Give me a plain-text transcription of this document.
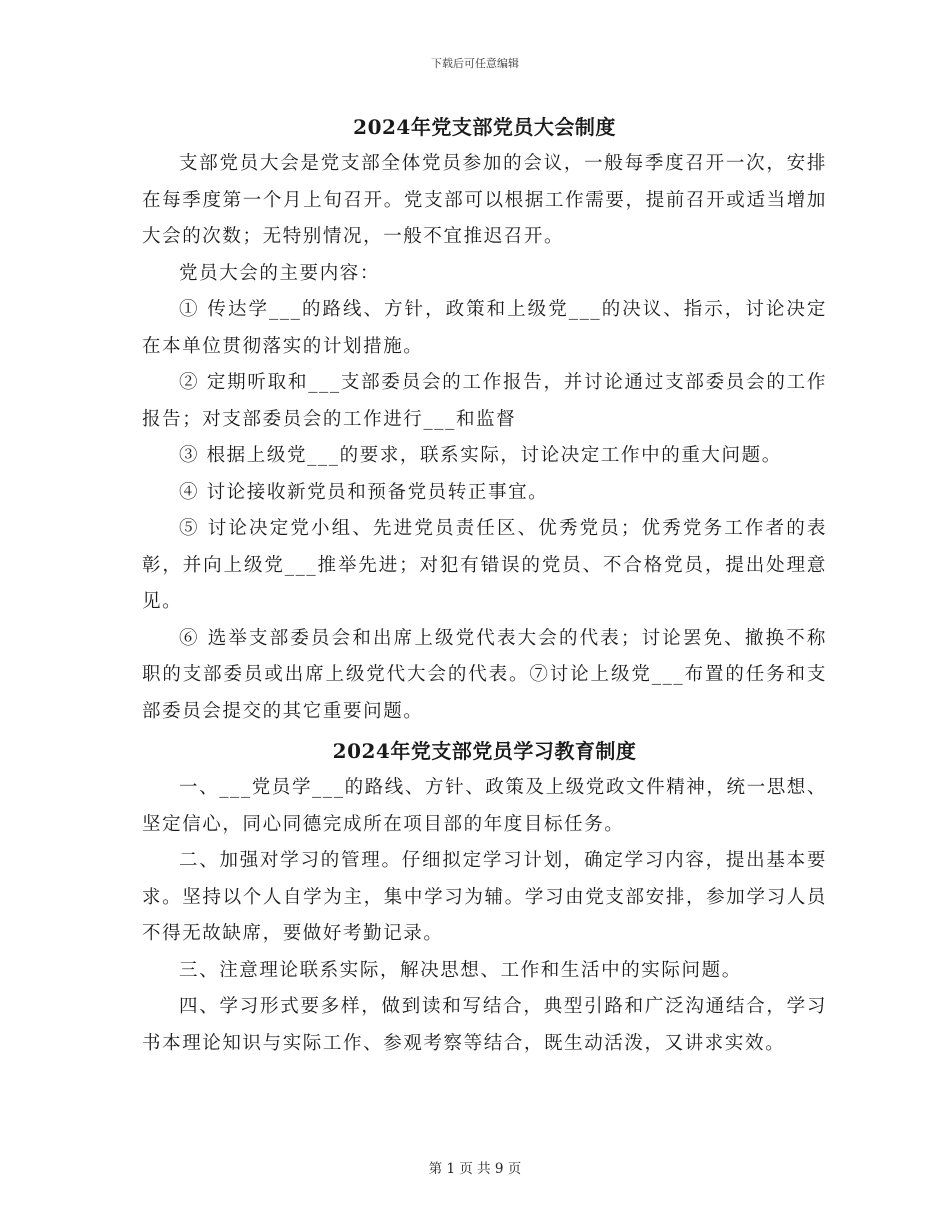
下载后可任意编辑
2024年党支部党员大会制度

支部党员大会是党支部全体党员参加的会议，一般每季度召开一次，安排在每季度第一个月上旬召开。党支部可以根据工作需要，提前召开或适当增加大会的次数；无特别情况，一般不宜推迟召开。

党员大会的主要内容：

① 传达学___的路线、方针，政策和上级党___的决议、指示，讨论决定在本单位贯彻落实的计划措施。

② 定期听取和___支部委员会的工作报告，并讨论通过支部委员会的工作报告；对支部委员会的工作进行___和监督

③ 根据上级党___的要求，联系实际，讨论决定工作中的重大问题。

④ 讨论接收新党员和预备党员转正事宜。

⑤ 讨论决定党小组、先进党员责任区、优秀党员；优秀党务工作者的表彰，并向上级党___推举先进；对犯有错误的党员、不合格党员，提出处理意见。

⑥ 选举支部委员会和出席上级党代表大会的代表；讨论罢免、撤换不称职的支部委员或出席上级党代大会的代表。⑦讨论上级党___布置的任务和支部委员会提交的其它重要问题。

2024年党支部党员学习教育制度

一、___党员学___的路线、方针、政策及上级党政文件精神，统一思想、坚定信心，同心同德完成所在项目部的年度目标任务。

二、加强对学习的管理。仔细拟定学习计划，确定学习内容，提出基本要求。坚持以个人自学为主，集中学习为辅。学习由党支部安排，参加学习人员不得无故缺席，要做好考勤记录。

三、注意理论联系实际，解决思想、工作和生活中的实际问题。

四、学习形式要多样，做到读和写结合，典型引路和广泛沟通结合，学习书本理论知识与实际工作、参观考察等结合，既生动活泼，又讲求实效。

第 1 页 共 9 页
